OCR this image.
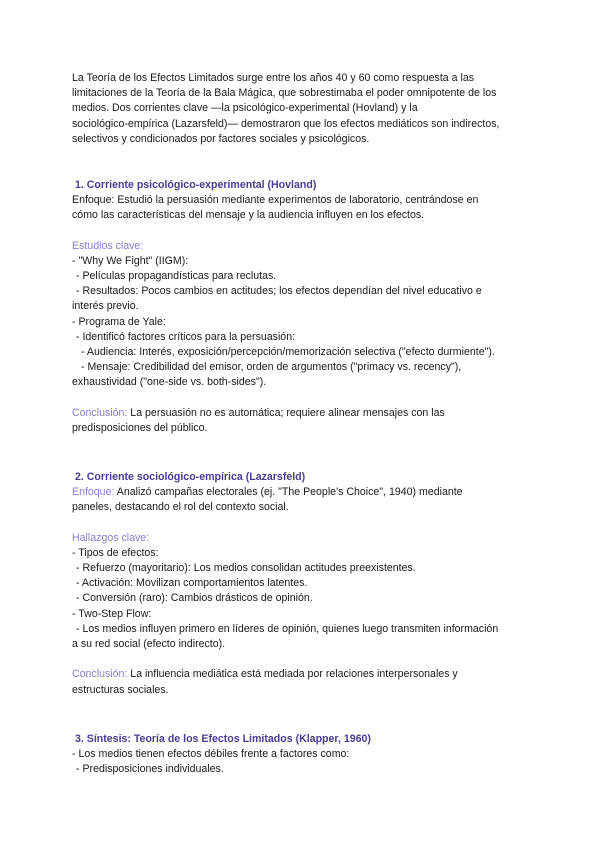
La Teoría de los Efectos Limitados surge entre los años 40 y 60 como respuesta a las
limitaciones de la Teoría de la Bala Mágica, que sobrestimaba el poder omnipotente de los
medios. Dos corrientes clave —la psicológico-experimental (Hovland) y la
sociológico-empírica (Lazarsfeld)— demostraron que los efectos mediáticos son indirectos,
selectivos y condicionados por factores sociales y psicológicos.

1. Corriente psicológico-experimental (Hovland)
Enfoque: Estudió la persuasión mediante experimentos de laboratorio, centrándose en
cómo las características del mensaje y la audiencia influyen en los efectos.
Estudios clave:
- "Why We Fight" (IIGM):
- Películas propagandísticas para reclutas.
- Resultados: Pocos cambios en actitudes; los efectos dependían del nivel educativo e
interés previo.
- Programa de Yale:
- Identificó factores críticos para la persuasión:
- Audiencia: Interés, exposición/percepción/memorización selectiva ("efecto durmiente").
- Mensaje: Credibilidad del emisor, orden de argumentos ("primacy vs. recency"),
exhaustividad ("one-side vs. both-sides").
Conclusión: La persuasión no es automática; requiere alinear mensajes con las
predisposiciones del público.
2. Corriente sociológico-empírica (Lazarsfeld)
Enfoque: Analizó campañas electorales (ej. "The People's Choice", 1940) mediante
paneles, destacando el rol del contexto social.
Hallazgos clave:
- Tipos de efectos:
- Refuerzo (mayoritario): Los medios consolidan actitudes preexistentes.
- Activación: Movilizan comportamientos latentes.
- Conversión (raro): Cambios drásticos de opinión.
- Two-Step Flow:
- Los medios influyen primero en líderes de opinión, quienes luego transmiten información
a su red social (efecto indirecto).
Conclusión: La influencia mediática está mediada por relaciones interpersonales y
estructuras sociales.
3. Síntesis: Teoría de los Efectos Limitados (Klapper, 1960)
- Los medios tienen efectos débiles frente a factores como:
- Predisposiciones individuales.
